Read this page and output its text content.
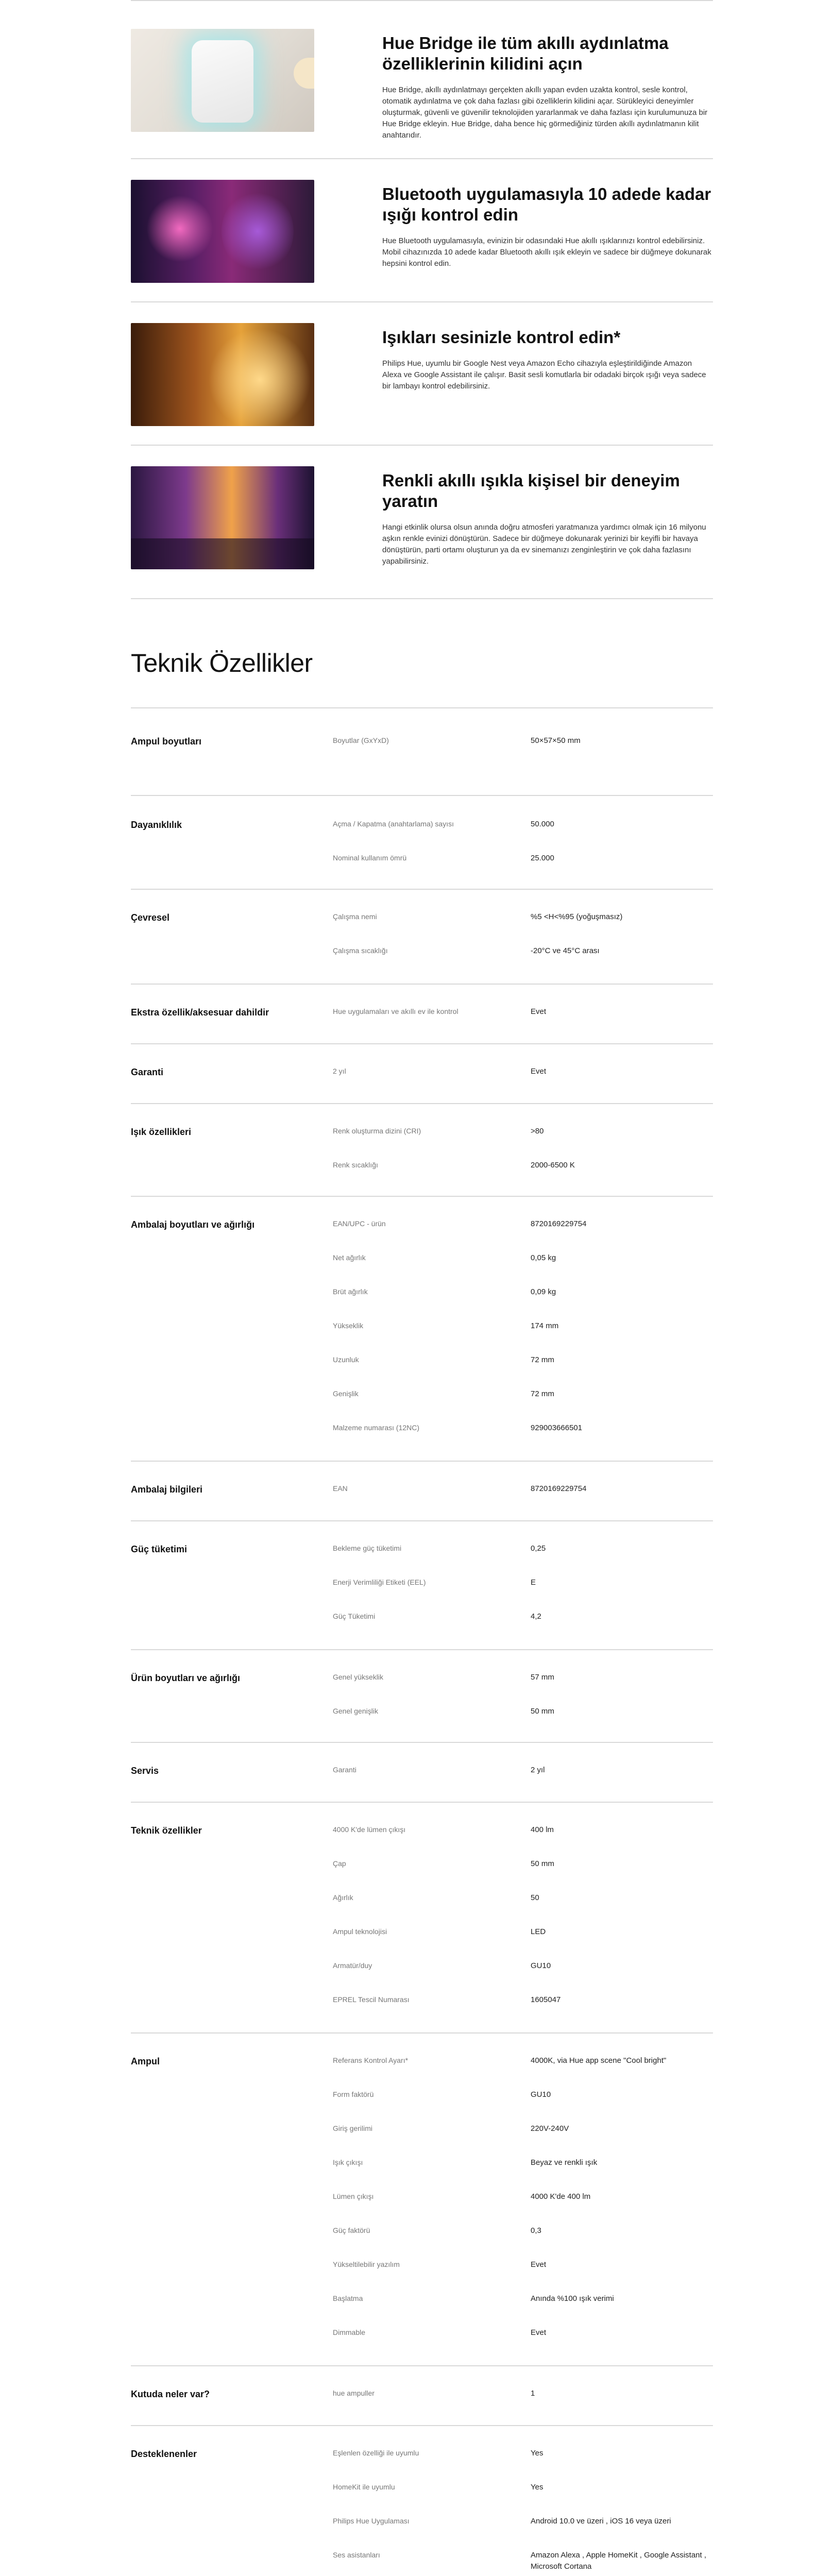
Hue Bridge ile tüm akıllı aydınlatma özelliklerinin kilidini açın

Hue Bridge, akıllı aydınlatmayı gerçekten akıllı yapan evden uzakta kontrol, sesle kontrol, otomatik aydınlatma ve çok daha fazlası gibi özelliklerin kilidini açar. Sürükleyici deneyimler oluşturmak, güvenli ve güvenilir teknolojiden yararlanmak ve daha fazlası için kurulumunuza bir Hue Bridge ekleyin. Hue Bridge, daha bence hiç görmediğiniz türden akıllı aydınlatmanın kilit anahtarıdır.

Bluetooth uygulamasıyla 10 adede kadar ışığı kontrol edin

Hue Bluetooth uygulamasıyla, evinizin bir odasındaki Hue akıllı ışıklarınızı kontrol edebilirsiniz. Mobil cihazınızda 10 adede kadar Bluetooth akıllı ışık ekleyin ve sadece bir düğmeye dokunarak hepsini kontrol edin.

Işıkları sesinizle kontrol edin*

Philips Hue, uyumlu bir Google Nest veya Amazon Echo cihazıyla eşleştirildiğinde Amazon Alexa ve Google Assistant ile çalışır. Basit sesli komutlarla bir odadaki birçok ışığı veya sadece bir lambayı kontrol edebilirsiniz.

Renkli akıllı ışıkla kişisel bir deneyim yaratın

Hangi etkinlik olursa olsun anında doğru atmosferi yaratmanıza yardımcı olmak için 16 milyonu aşkın renkle evinizi dönüştürün. Sadece bir düğmeye dokunarak yerinizi bir keyifli bir havaya dönüştürün, parti ortamı oluşturun ya da ev sinemanızı zenginleştirin ve çok daha fazlasını yapabilirsiniz.

Teknik Özellikler
Ampul boyutları	Boyutlar (GxYxD)	50×57×50 mm
Dayanıklılık	Açma / Kapatma (anahtarlama) sayısı	50.000
Nominal kullanım ömrü	25.000
Çevresel	Çalışma nemi	%5 <H<%95 (yoğuşmasız)
Çalışma sıcaklığı	-20°C ve 45°C arası
Ekstra özellik/aksesuar dahildir	Hue uygulamaları ve akıllı ev ile kontrol	Evet
Garanti	2 yıl	Evet
Işık özellikleri	Renk oluşturma dizini (CRI)	>80
Renk sıcaklığı	2000-6500 K
Ambalaj boyutları ve ağırlığı	EAN/UPC - ürün	8720169229754
Net ağırlık	0,05 kg
Brüt ağırlık	0,09 kg
Yükseklik	174 mm
Uzunluk	72 mm
Genişlik	72 mm
Malzeme numarası (12NC)	929003666501
Ambalaj bilgileri	EAN	8720169229754
Güç tüketimi	Bekleme güç tüketimi	0,25
Enerji Verimliliği Etiketi (EEL)	E
Güç Tüketimi	4,2
Ürün boyutları ve ağırlığı	Genel yükseklik	57 mm
Genel genişlik	50 mm
Servis	Garanti	2 yıl
Teknik özellikler	4000 K'de lümen çıkışı	400 lm
Çap	50 mm
Ağırlık	50
Ampul teknolojisi	LED
Armatür/duy	GU10
EPREL Tescil Numarası	1605047
Ampul	Referans Kontrol Ayarı*	4000K, via Hue app scene "Cool bright"
Form faktörü	GU10
Giriş gerilimi	220V-240V
Işık çıkışı	Beyaz ve renkli ışık
Lümen çıkışı	4000 K'de 400 lm
Güç faktörü	0,3
Yükseltilebilir yazılım	Evet
Başlatma	Anında %100 ışık verimi
Dimmable	Evet
Kutuda neler var?	hue ampuller	1
Desteklenenler	Eşlenlen özelliği ile uyumlu	Yes
HomeKit ile uyumlu	Yes
Philips Hue Uygulaması	Android 10.0 ve üzeri , iOS 16 veya üzeri
Ses asistanları	Amazon Alexa , Apple HomeKit , Google Assistant , Microsoft Cortana
